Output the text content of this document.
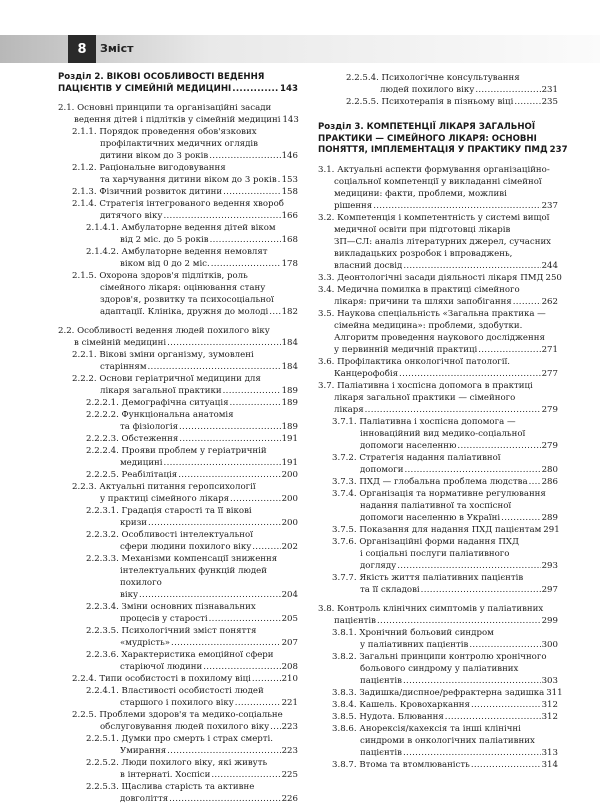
8	Зміст
Розділ 2. ВІКОВІ ОСОБЛИВОСТІ ВЕДЕННЯ
ПАЦІЄНТІВ У СІМЕЙНІЙ МЕДИЦИНІ .....	143
2.1. Основні принципи та організаційні засади
ведення дітей і підлітків у сімейній медицині 143
2.1.1. Порядок проведення обов'язкових
профілактичних медичних оглядів
дитини віком до 3 років .....	146
2.1.2. Раціональне вигодовування
та харчування дитини віком до 3 років ..... 153
2.1.3. Фізичний розвиток дитини .....	158
2.1.4. Стратегія інтегрованого ведення хвороб
дитячого віку .....	166
2.1.4.1. Амбулаторне ведення дітей віком
від 2 міс. до 5 років .....	168
2.1.4.2. Амбулаторне ведення немовлят
віком від 0 до 2 міс. .....	178
2.1.5. Охорона здоров'я підлітків, роль
сімейного лікаря: оцінювання стану
здоров'я, розвитку та психосоціальної
адаптації. Клініка, дружня до молоді ..... 182
2.2. Особливості ведення людей похилого віку
в сімейній медицині .....	184
2.2.1. Вікові зміни організму, зумовлені
старінням .....	184
2.2.2. Основи геріатричної медицини для
лікаря загальної практики .....	189
2.2.2.1. Демографічна ситуація .....	189
2.2.2.2. Функціональна анатомія
та фізіологія .....	189
2.2.2.3. Обстеження .....	191
2.2.2.4. Прояви проблем у геріатричній
медицині .....	191
2.2.2.5. Реабілітація .....	200
2.2.3. Актуальні питання геропсихології
у практиці сімейного лікаря .....	200
2.2.3.1. Градація старості та її вікові
кризи .....	200
2.2.3.2. Особливості інтелектуальної
сфери людини похилого віку .....	202
2.2.3.3. Механізми компенсації зниження
інтелектуальних функцій людей похилого
віку .....	204
2.2.3.4. Зміни основних пізнавальних
процесів у старості .....	205
2.2.3.5. Психологічний зміст поняття
«мудрість» .....	207
2.2.3.6. Характеристика емоційної сфери
старіючої людини .....	208
2.2.4. Типи особистості в похилому віці .....	210
2.2.4.1. Властивості особистості людей
старшого і похилого віку .....	221
2.2.5. Проблеми здоров'я та медико-соціальне
обслуговування людей похилого віку ..... 223
2.2.5.1. Думки про смерть і страх смерті.
Умирання .....	223
2.2.5.2. Люди похилого віку, які живуть
в інтернаті. Хоспіси .....	225
2.2.5.3. Щаслива старість та активне
довголіття .....	226
2.2.5.4. Психологічне консультування
людей похилого віку .....	231
2.2.5.5. Психотерапія в пізньому віці .....	235
Розділ 3. КОМПЕТЕНЦІЇ ЛІКАРЯ ЗАГАЛЬНОЇ
ПРАКТИКИ — СІМЕЙНОГО ЛІКАРЯ: ОСНОВНІ
ПОНЯТТЯ, ІМПЛЕМЕНТАЦІЯ У ПРАКТИКУ ПМД 237
3.1. Актуальні аспекти формування організаційно-
соціальної компетенції у викладанні сімейної
медицини: факти, проблеми, можливі
рішення .....	237
3.2. Компетенція і компетентність у системі вищої
медичної освіти при підготовці лікарів
ЗП—СЛ: аналіз літературних джерел, сучасних
викладацьких розробок і впроваджень,
власний досвід .....	244
3.3. Деонтологічні засади діяльності лікаря ПМД 250
3.4. Медична помилка в практиці сімейного
лікаря: причини та шляхи запобігання .....	262
3.5. Наукова спеціальність «Загальна практика —
сімейна медицина»: проблеми, здобутки.
Алгоритм проведення наукового дослідження
у первинній медичній практиці .....	271
3.6. Профілактика онкологічної патології.
Канцерофобія .....	277
3.7. Паліативна і хоспісна допомога в практиці
лікаря загальної практики — сімейного
лікаря .....	279
3.7.1. Паліативна і хоспісна допомога —
інноваційний вид медико-соціальної
допомоги населенню .....	279
3.7.2. Стратегія надання паліативної
допомоги .....	280
3.7.3. ПХД — глобальна проблема людства ..... 286
3.7.4. Організація та нормативне регулювання
надання паліативної та хоспісної
допомоги населенню в Україні .....	289
3.7.5. Показання для надання ПХД пацієнтам 291
3.7.6. Організаційні форми надання ПХД
і соціальні послуги паліативного
догляду .....	293
3.7.7. Якість життя паліативних пацієнтів
та її складові .....	297
3.8. Контроль клінічних симптомів у паліативних
пацієнтів .....	299
3.8.1. Хронічний больовий синдром
у паліативних пацієнтів .....	300
3.8.2. Загальні принципи контролю хронічного
больового синдрому у паліативних
пацієнтів .....	303
3.8.3. Задишка/диспное/рефрактерна задишка 311
3.8.4. Кашель. Кровохаркання .....	312
3.8.5. Нудота. Блювання .....	312
3.8.6. Анорексія/кахексія та інші клінічні
синдроми в онкологічних паліативних
пацієнтів .....	313
3.8.7. Втома та втомлюваність .....	314
